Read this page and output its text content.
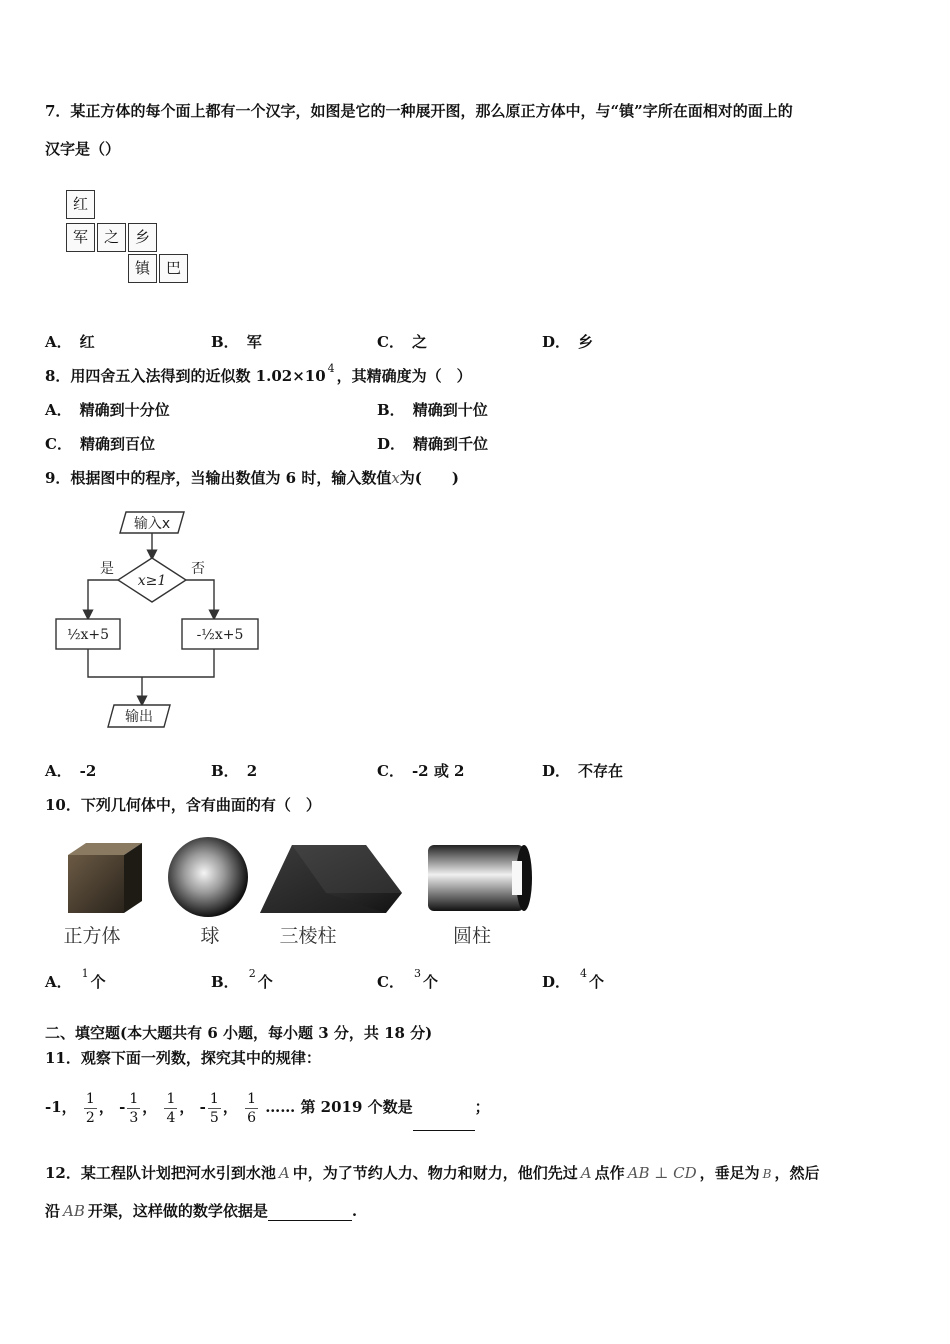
7．某正方体的每个面上都有一个汉字，如图是它的一种展开图，那么原正方体中，与“镇”字所在面相对的面上的
汉字是（）
红
军	之	乡
镇	巴
A． 红	B． 军	C． 之	D． 乡
8．用四舍五入法得到的近似数 1.02×10 $^4$ ，其精确度为（　）
A． 精确到十分位	B． 精确到十位
C． 精确到百位	D． 精确到千位
9．根据图中的程序，当输出数值为 6 时，输入数值x为(　　)
输入x
x≥1
是	否
½x+5	-½x+5
输出
A． -2	B． 2	C． -2 或 2	D． 不存在
10．下列几何体中，含有曲面的有（　）
正方体	球	三棱柱	圆柱
A． $^1$ 个	B． $^2$ 个	C． $^3$ 个	D． $^4$ 个
二、填空题(本大题共有 6 小题，每小题 3 分，共 18 分)
11．观察下面一列数，探究其中的规律：
-1， $\frac{1}{2}$ ， - $\frac{1}{3}$ ， $\frac{1}{4}$ ， - $\frac{1}{5}$ ， $\frac{1}{6}$ …… 第 2019 个数是	；
12．某工程队计划把河水引到水池 A 中，为了节约人力、物力和财力，他们先过 A 点作 AB ⊥ CD ，垂足为 B ，然后
沿 AB 开渠，这样做的数学依据是	.
